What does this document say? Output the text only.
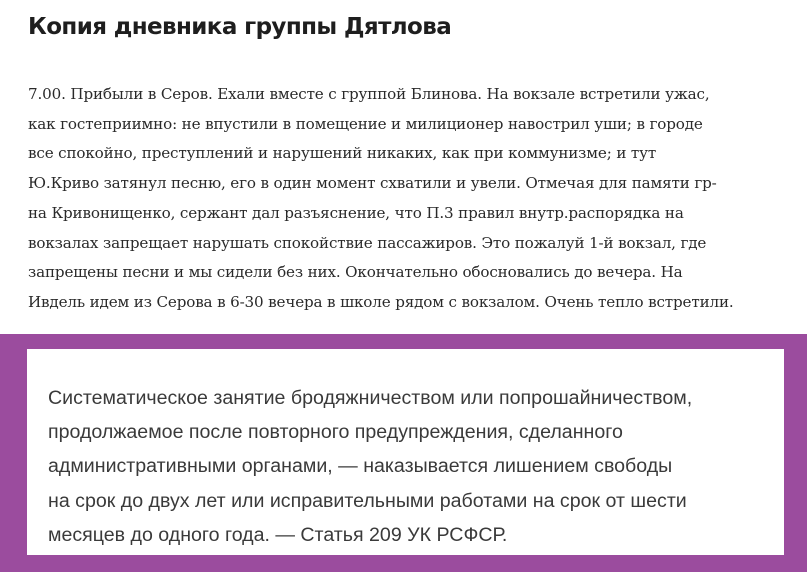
Копия дневника группы Дятлова

7.00. Прибыли в Серов. Ехали вместе с группой Блинова. На вокзале встретили ужас,
как гостеприимно: не впустили в помещение и милиционер навострил уши; в городе
все спокойно, преступлений и нарушений никаких, как при коммунизме; и тут
Ю.Криво затянул песню, его в один момент схватили и увели. Отмечая для памяти гр-
на Кривонищенко, сержант дал разъяснение, что П.3 правил внутр.распорядка на
вокзалах запрещает нарушать спокойствие пассажиров. Это пожалуй 1-й вокзал, где
запрещены песни и мы сидели без них. Окончательно обосновались до вечера. На
Ивдель идем из Серова в 6-30 вечера в школе рядом с вокзалом. Очень тепло встретили.

Систематическое занятие бродяжничеством или попрошайничеством,
продолжаемое после повторного предупреждения, сделанного
административными органами, — наказывается лишением свободы
на срок до двух лет или исправительными работами на срок от шести
месяцев до одного года. — Статья 209 УК РСФСР.
